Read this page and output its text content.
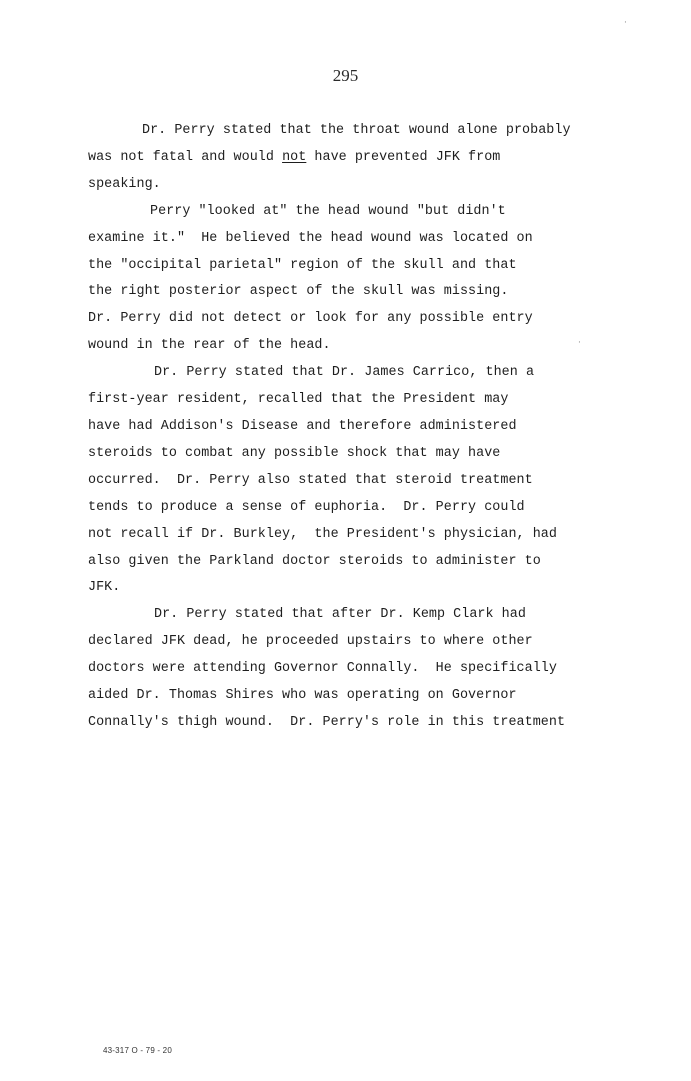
295
Dr. Perry stated that the throat wound alone probably
was not fatal and would not have prevented JFK from
speaking.
Perry "looked at" the head wound "but didn't
examine it."  He believed the head wound was located on
the "occipital parietal" region of the skull and that
the right posterior aspect of the skull was missing.
Dr. Perry did not detect or look for any possible entry
wound in the rear of the head.
Dr. Perry stated that Dr. James Carrico, then a
first-year resident, recalled that the President may
have had Addison's Disease and therefore administered
steroids to combat any possible shock that may have
occurred.  Dr. Perry also stated that steroid treatment
tends to produce a sense of euphoria.  Dr. Perry could
not recall if Dr. Burkley,  the President's physician, had
also given the Parkland doctor steroids to administer to
JFK.
Dr. Perry stated that after Dr. Kemp Clark had
declared JFK dead, he proceeded upstairs to where other
doctors were attending Governor Connally.  He specifically
aided Dr. Thomas Shires who was operating on Governor
Connally's thigh wound.  Dr. Perry's role in this treatment
43-317 O - 79 - 20
·
·
